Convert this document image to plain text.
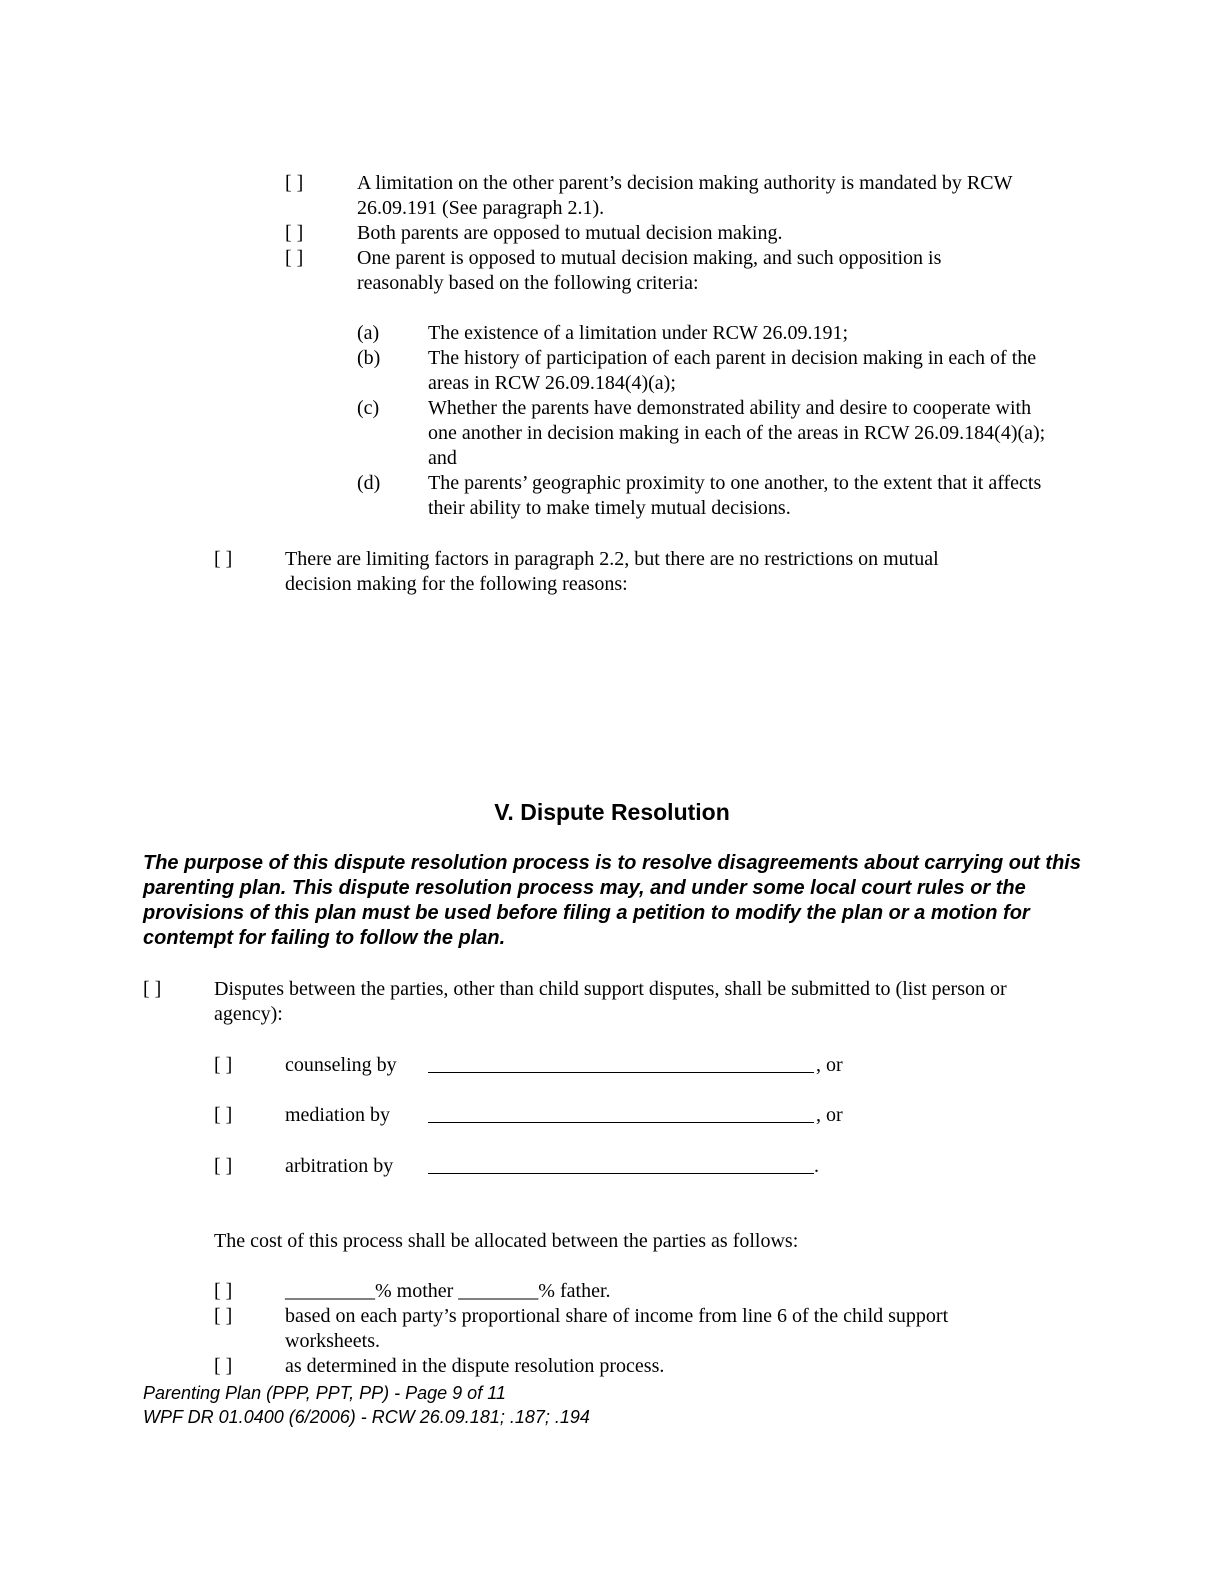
[ ]	A limitation on the other parent’s decision making authority is mandated by RCW 26.09.191 (See paragraph 2.1).
[ ]	Both parents are opposed to mutual decision making.
[ ]	One parent is opposed to mutual decision making, and such opposition is reasonably based on the following criteria:
(a) The existence of a limitation under RCW 26.09.191;
(b) The history of participation of each parent in decision making in each of the areas in RCW 26.09.184(4)(a);
(c) Whether the parents have demonstrated ability and desire to cooperate with one another in decision making in each of the areas in RCW 26.09.184(4)(a); and
(d) The parents’ geographic proximity to one another, to the extent that it affects their ability to make timely mutual decisions.
[ ]	There are limiting factors in paragraph 2.2, but there are no restrictions on mutual decision making for the following reasons:
V. Dispute Resolution
The purpose of this dispute resolution process is to resolve disagreements about carrying out this parenting plan. This dispute resolution process may, and under some local court rules or the provisions of this plan must be used before filing a petition to modify the plan or a motion for contempt for failing to follow the plan.
[ ]	Disputes between the parties, other than child support disputes, shall be submitted to (list person or agency):
[ ]	counseling by	, or
[ ]	mediation by	, or
[ ]	arbitration by	.
The cost of this process shall be allocated between the parties as follows:
[ ]	_________% mother ________% father.
[ ]	based on each party’s proportional share of income from line 6 of the child support worksheets.
[ ]	as determined in the dispute resolution process.
Parenting Plan (PPP, PPT, PP) - Page 9 of 11
WPF DR 01.0400 (6/2006) - RCW 26.09.181; .187; .194
